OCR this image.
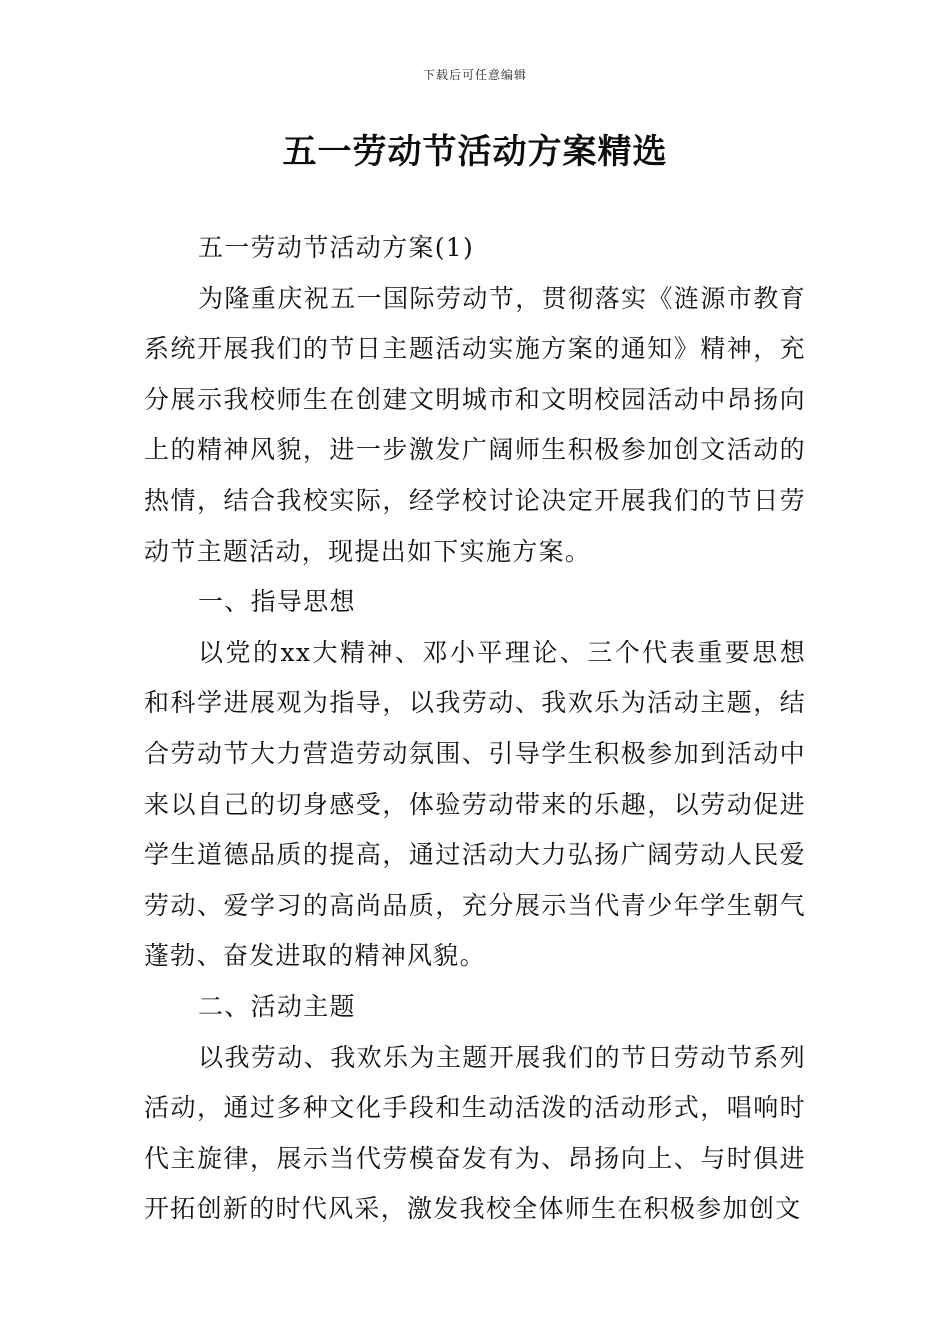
下载后可任意编辑
五一劳动节活动方案精选

五一劳动节活动方案(1)

为隆重庆祝五一国际劳动节，贯彻落实《涟源市教育系统开展我们的节日主题活动实施方案的通知》精神，充分展示我校师生在创建文明城市和文明校园活动中昂扬向上的精神风貌，进一步激发广阔师生积极参加创文活动的热情，结合我校实际，经学校讨论决定开展我们的节日劳动节主题活动，现提出如下实施方案。

一、指导思想

以党的xx大精神、邓小平理论、三个代表重要思想和科学进展观为指导，以我劳动、我欢乐为活动主题，结合劳动节大力营造劳动氛围、引导学生积极参加到活动中来以自己的切身感受，体验劳动带来的乐趣，以劳动促进学生道德品质的提高，通过活动大力弘扬广阔劳动人民爱劳动、爱学习的高尚品质，充分展示当代青少年学生朝气蓬勃、奋发进取的精神风貌。

二、活动主题

以我劳动、我欢乐为主题开展我们的节日劳动节系列活动，通过多种文化手段和生动活泼的活动形式，唱响时代主旋律，展示当代劳模奋发有为、昂扬向上、与时俱进开拓创新的时代风采，激发我校全体师生在积极参加创文
